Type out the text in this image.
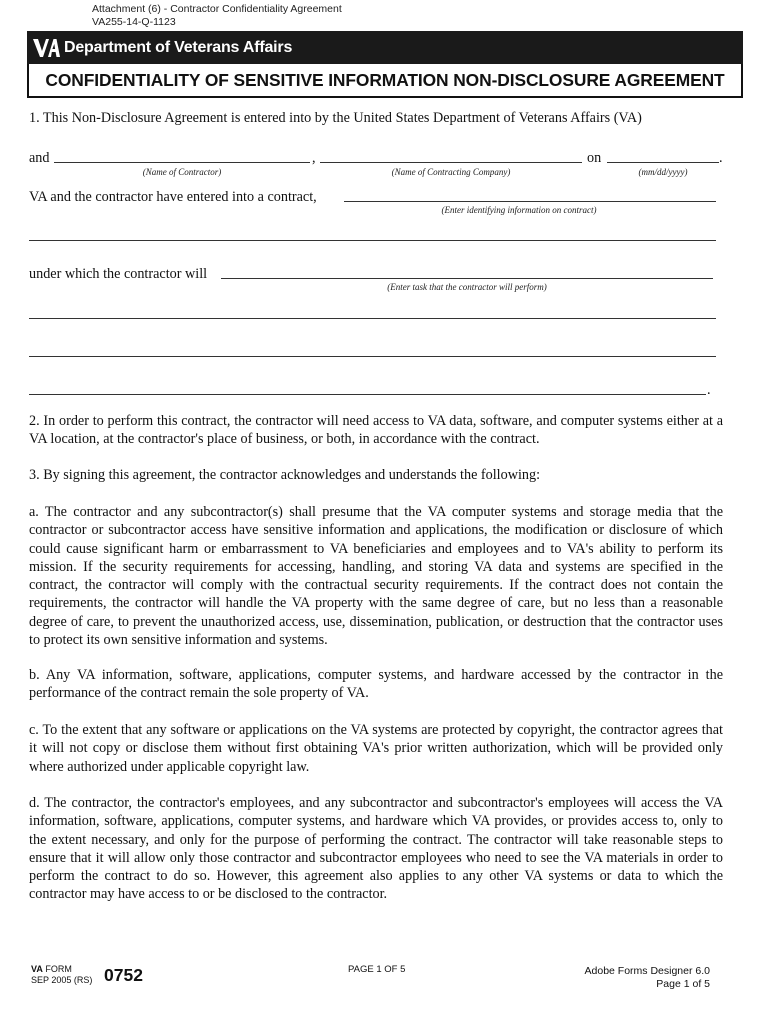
Attachment (6) - Contractor Confidentiality Agreement
VA255-14-Q-1123
Department of Veterans Affairs
CONFIDENTIALITY OF SENSITIVE INFORMATION NON-DISCLOSURE AGREEMENT
1. This Non-Disclosure Agreement is entered into by the United States Department of Veterans Affairs (VA)
and	,	on	.
(Name of Contractor)	(Name of Contracting Company)	(mm/dd/yyyy)
VA and the contractor have entered into a contract,
(Enter identifying information on contract)
under which the contractor will
(Enter task that the contractor will perform)
.
2. In order to perform this contract, the contractor will need access to VA data, software, and computer systems either at a VA location, at the contractor's place of business, or both, in accordance with the contract.
3. By signing this agreement, the contractor acknowledges and understands the following:
a. The contractor and any subcontractor(s) shall presume that the VA computer systems and storage media that the contractor or subcontractor access have sensitive information and applications, the modification or disclosure of which could cause significant harm or embarrassment to VA beneficiaries and employees and to VA's ability to perform its mission. If the security requirements for accessing, handling, and storing VA data and systems are specified in the contract, the contractor will comply with the contractual security requirements. If the contract does not contain the requirements, the contractor will handle the VA property with the same degree of care, but no less than a reasonable degree of care, to prevent the unauthorized access, use, dissemination, publication, or destruction that the contractor uses to protect its own sensitive information and systems.
b. Any VA information, software, applications, computer systems, and hardware accessed by the contractor in the performance of the contract remain the sole property of VA.
c. To the extent that any software or applications on the VA systems are protected by copyright, the contractor agrees that it will not copy or disclose them without first obtaining VA's prior written authorization, which will be provided only where authorized under applicable copyright law.
d. The contractor, the contractor's employees, and any subcontractor and subcontractor's employees will access the VA information, software, applications, computer systems, and hardware which VA provides, or provides access to, only to the extent necessary, and only for the purpose of performing the contract. The contractor will take reasonable steps to ensure that it will allow only those contractor and subcontractor employees who need to see the VA materials in order to perform the contract to do so. However, this agreement also applies to any other VA systems or data to which the contractor may have access to or be disclosed to the contractor.
VA FORM
SEP 2005 (RS) 0752	PAGE 1 OF 5	Adobe Forms Designer 6.0
Page 1 of 5
